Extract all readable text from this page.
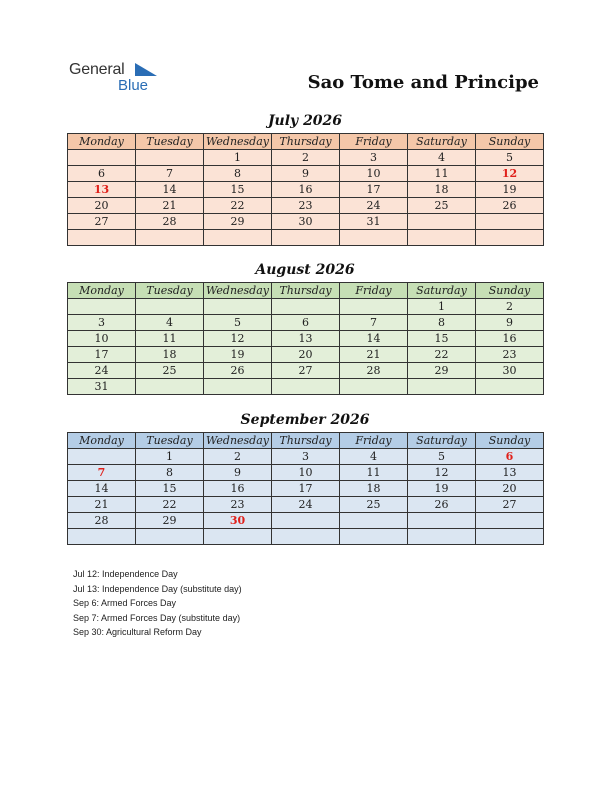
General
Blue	Sao Tome and Principe
July 2026
Monday	Tuesday	Wednesday	Thursday	Friday	Saturday	Sunday
		1	2	3	4	5
6	7	8	9	10	11	12
13	14	15	16	17	18	19
20	21	22	23	24	25	26
27	28	29	30	31		

August 2026
Monday	Tuesday	Wednesday	Thursday	Friday	Saturday	Sunday
					1	2
3	4	5	6	7	8	9
10	11	12	13	14	15	16
17	18	19	20	21	22	23
24	25	26	27	28	29	30
31						
September 2026
Monday	Tuesday	Wednesday	Thursday	Friday	Saturday	Sunday
	1	2	3	4	5	6
7	8	9	10	11	12	13
14	15	16	17	18	19	20
21	22	23	24	25	26	27
28	29	30				

Jul 12: Independence Day
Jul 13: Independence Day (substitute day)
Sep 6: Armed Forces Day
Sep 7: Armed Forces Day (substitute day)
Sep 30: Agricultural Reform Day
